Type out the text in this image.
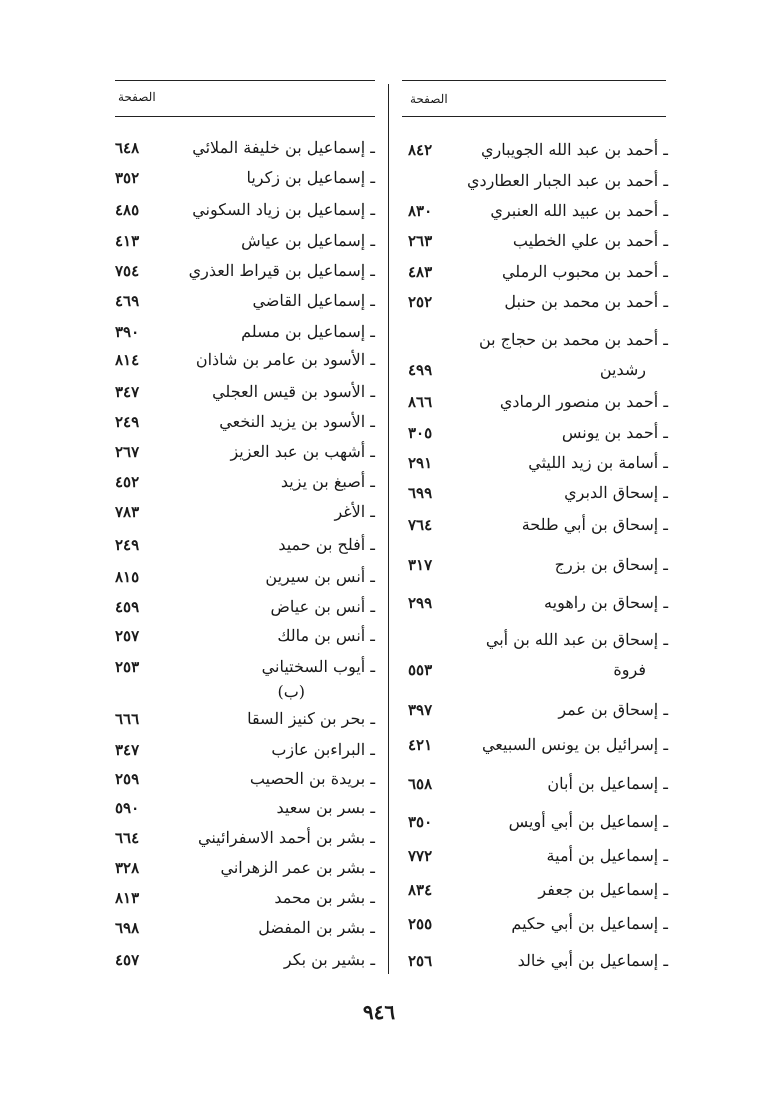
الصفحة
الصفحة
ـ أحمد بن عبد الله الجويباري
٨٤٢
ـ أحمد بن عبد الجبار العطاردي
ـ أحمد بن عبيد الله العنبري
٨٣٠
ـ أحمد بن علي الخطيب
٢٦٣
ـ أحمد بن محبوب الرملي
٤٨٣
ـ أحمد بن محمد بن حنبل
٢٥٢
ـ أحمد بن محمد بن حجاج بن
رشدين
٤٩٩
ـ أحمد بن منصور الرمادي
٨٦٦
ـ أحمد بن يونس
٣٠٥
ـ أسامة بن زيد الليثي
٢٩١
ـ إسحاق الدبري
٦٩٩
ـ إسحاق بن أبي طلحة
٧٦٤
ـ إسحاق بن بزرج
٣١٧
ـ إسحاق بن راهويه
٢٩٩
ـ إسحاق بن عبد الله بن أبي
فروة
٥٥٣
ـ إسحاق بن عمر
٣٩٧
ـ إسرائيل بن يونس السبيعي
٤٢١
ـ إسماعيل بن أبان
٦٥٨
ـ إسماعيل بن أبي أويس
٣٥٠
ـ إسماعيل بن أمية
٧٧٢
ـ إسماعيل بن جعفر
٨٣٤
ـ إسماعيل بن أبي حكيم
٢٥٥
ـ إسماعيل بن أبي خالد
٢٥٦
ـ إسماعيل بن خليفة الملائي
٦٤٨
ـ إسماعيل بن زكريا
٣٥٢
ـ إسماعيل بن زياد السكوني
٤٨٥
ـ إسماعيل بن عياش
٤١٣
ـ إسماعيل بن قيراط العذري
٧٥٤
ـ إسماعيل القاضي
٤٦٩
ـ إسماعيل بن مسلم
٣٩٠
ـ الأسود بن عامر بن شاذان
٨١٤
ـ الأسود بن قيس العجلي
٣٤٧
ـ الأسود بن يزيد النخعي
٢٤٩
ـ أشهب بن عبد العزيز
٢٦٧
ـ أصبغ بن يزيد
٤٥٢
ـ الأغر
٧٨٣
ـ أفلح بن حميد
٢٤٩
ـ أنس بن سيرين
٨١٥
ـ أنس بن عياض
٤٥٩
ـ أنس بن مالك
٢٥٧
ـ أيوب السختياني
٢٥٣
(ب)
ـ بحر بن كنيز السقا
٦٦٦
ـ البراءبن عازب
٣٤٧
ـ بريدة بن الحصيب
٢٥٩
ـ بسر بن سعيد
٥٩٠
ـ بشر بن أحمد الاسفرائيني
٦٦٤
ـ بشر بن عمر الزهراني
٣٢٨
ـ بشر بن محمد
٨١٣
ـ بشر بن المفضل
٦٩٨
ـ بشير بن بكر
٤٥٧
٩٤٦
